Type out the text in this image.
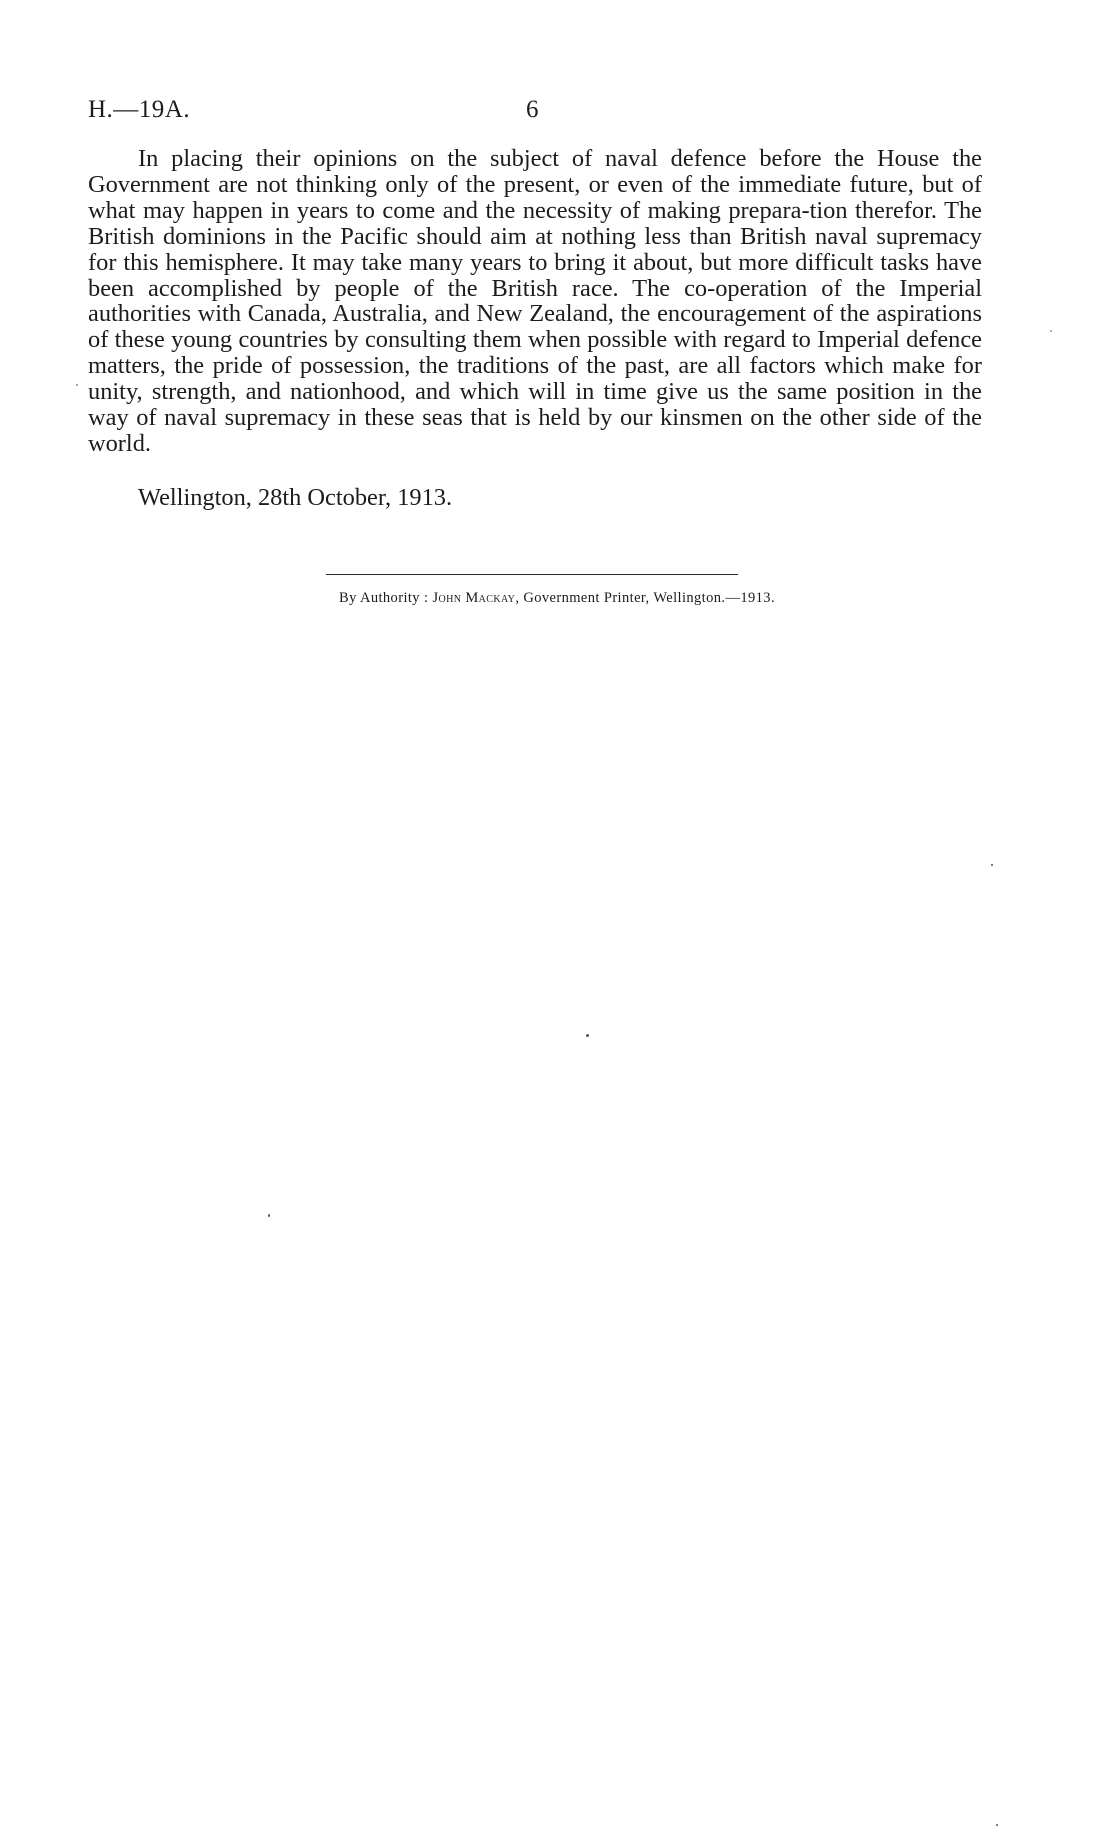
H.—19A.	6

In placing their opinions on the subject of naval defence before the House the Government are not thinking only of the present, or even of the immediate future, but of what may happen in years to come and the necessity of making prepara-tion therefor. The British dominions in the Pacific should aim at nothing less than British naval supremacy for this hemisphere. It may take many years to bring it about, but more difficult tasks have been accomplished by people of the British race. The co-operation of the Imperial authorities with Canada, Australia, and New Zealand, the encouragement of the aspirations of these young countries by consulting them when possible with regard to Imperial defence matters, the pride of possession, the traditions of the past, are all factors which make for unity, strength, and nationhood, and which will in time give us the same position in the way of naval supremacy in these seas that is held by our kinsmen on the other side of the world.

Wellington, 28th October, 1913.

By Authority : John Mackay, Government Printer, Wellington.—1913.
